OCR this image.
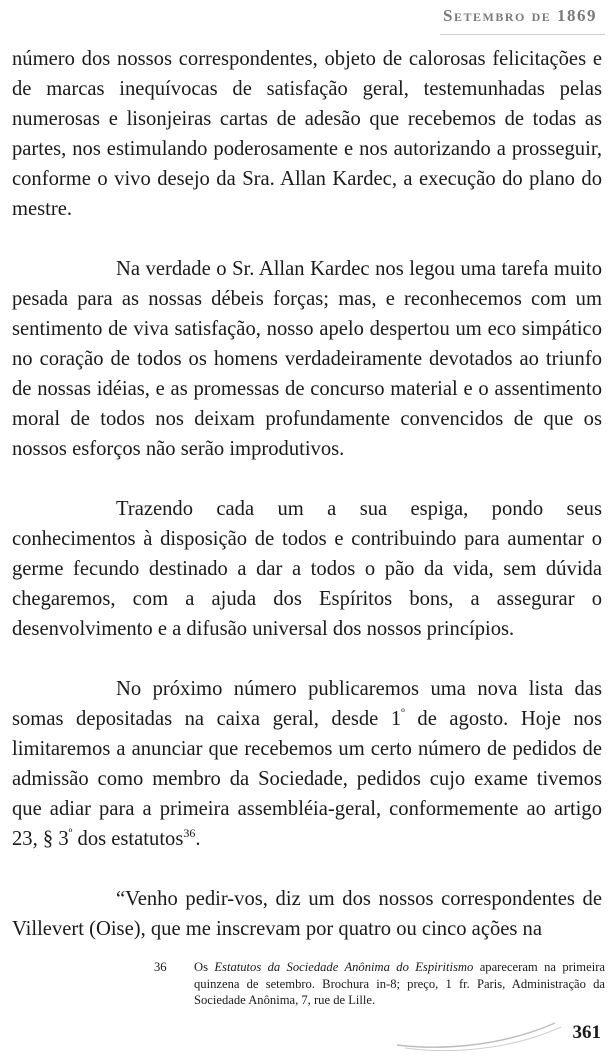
Setembro de 1869

número dos nossos correspondentes, objeto de calorosas felicitações e de marcas inequívocas de satisfação geral, testemunhadas pelas numerosas e lisonjeiras cartas de adesão que recebemos de todas as partes, nos estimulando poderosamente e nos autorizando a prosseguir, conforme o vivo desejo da Sra. Allan Kardec, a execução do plano do mestre.

Na verdade o Sr. Allan Kardec nos legou uma tarefa muito pesada para as nossas débeis forças; mas, e reconhecemos com um sentimento de viva satisfação, nosso apelo despertou um eco simpático no coração de todos os homens verdadeiramente devotados ao triunfo de nossas idéias, e as promessas de concurso material e o assentimento moral de todos nos deixam profundamente convencidos de que os nossos esforços não serão improdutivos.

Trazendo cada um a sua espiga, pondo seus conhecimentos à disposição de todos e contribuindo para aumentar o germe fecundo destinado a dar a todos o pão da vida, sem dúvida chegaremos, com a ajuda dos Espíritos bons, a assegurar o desenvolvimento e a difusão universal dos nossos princípios.

No próximo número publicaremos uma nova lista das somas depositadas na caixa geral, desde $1^º$ de agosto. Hoje nos limitaremos a anunciar que recebemos um certo número de pedidos de admissão como membro da Sociedade, pedidos cujo exame tivemos que adiar para a primeira assembléia-geral, conformemente ao artigo 23, § $3^º$ dos estatutos$^{36}$.

“Venho pedir-vos, diz um dos nossos correspondentes de Villevert (Oise), que me inscrevam por quatro ou cinco ações na

36 Os Estatutos da Sociedade Anônima do Espiritismo apareceram na primeira quinzena de setembro. Brochura in-8; preço, 1 fr. Paris, Administração da Sociedade Anônima, 7, rue de Lille.
361
